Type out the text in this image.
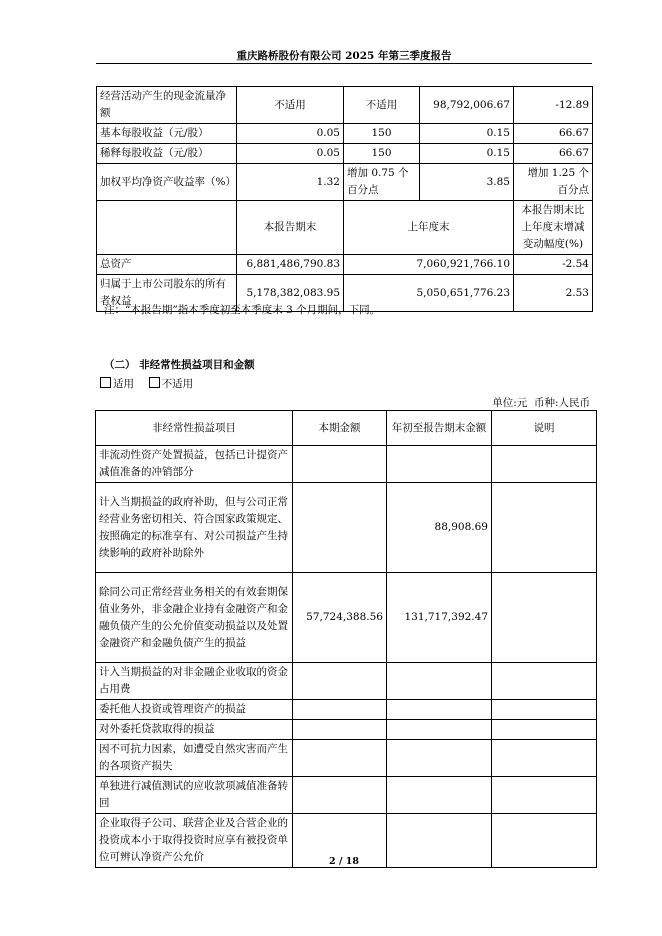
重庆路桥股份有限公司 2025 年第三季度报告
经营活动产生的现金流量净额	不适用	不适用	98,792,006.67	-12.89
基本每股收益（元/股）	0.05	150	0.15	66.67
稀释每股收益（元/股）	0.05	150	0.15	66.67
加权平均净资产收益率（%）	1.32	增加 0.75 个百分点	3.85	增加 1.25 个百分点
	本报告期末	上年度末		本报告期末比上年度末增减变动幅度(%)
总资产	6,881,486,790.83	7,060,921,766.10		-2.54
归属于上市公司股东的所有者权益	5,178,382,083.95	5,050,651,776.23		2.53
注：“本报告期”指本季度初至本季度末 3 个月期间，下同。
（二） 非经常性损益项目和金额
适用	不适用
单位:元  币种:人民币
非经常性损益项目	本期金额	年初至报告期末金额	说明
非流动性资产处置损益，包括已计提资产减值准备的冲销部分			
计入当期损益的政府补助，但与公司正常经营业务密切相关、符合国家政策规定、按照确定的标准享有、对公司损益产生持续影响的政府补助除外		88,908.69	
除同公司正常经营业务相关的有效套期保值业务外，非金融企业持有金融资产和金融负债产生的公允价值变动损益以及处置金融资产和金融负债产生的损益	57,724,388.56	131,717,392.47	
计入当期损益的对非金融企业收取的资金占用费			
委托他人投资或管理资产的损益			
对外委托贷款取得的损益			
因不可抗力因素，如遭受自然灾害而产生的各项资产损失			
单独进行减值测试的应收款项减值准备转回			
企业取得子公司、联营企业及合营企业的投资成本小于取得投资时应享有被投资单位可辨认净资产公允价				2 / 18
